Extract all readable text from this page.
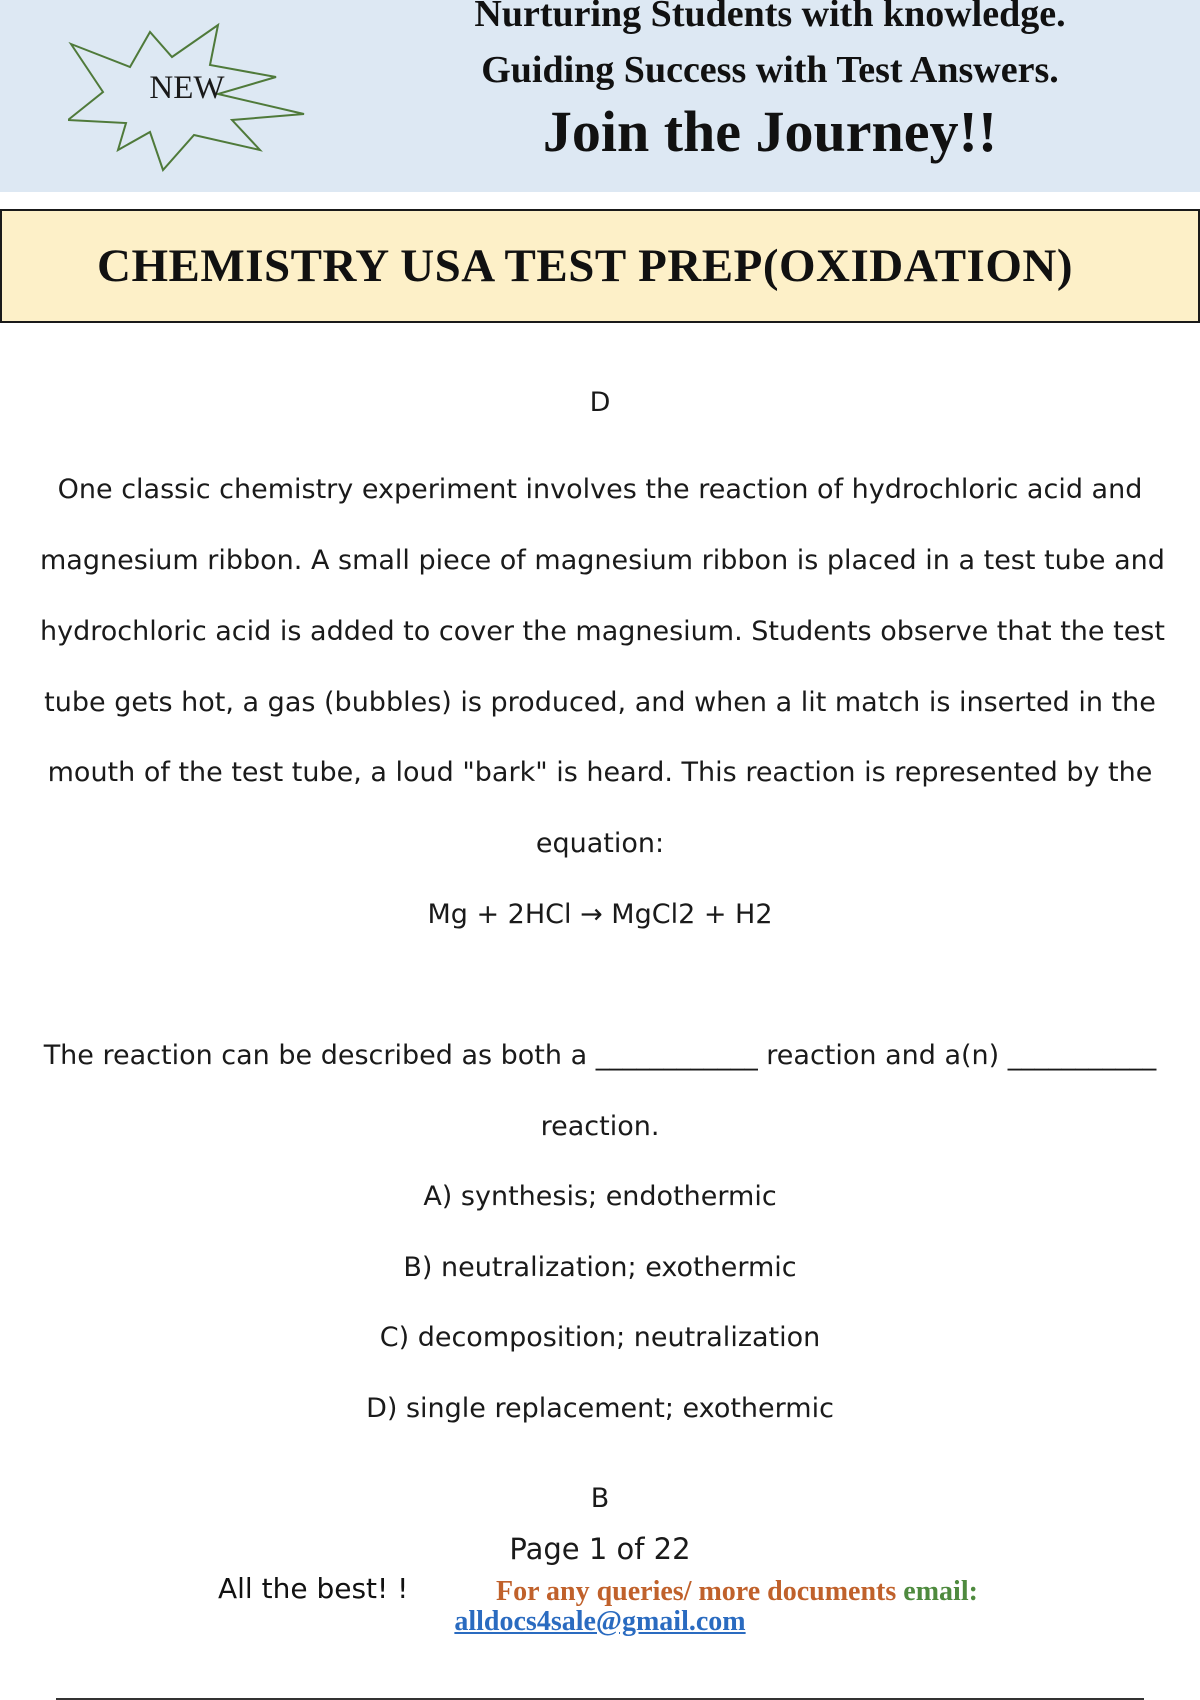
NEW
Nurturing Students with knowledge.
Guiding Success with Test Answers.
Join the Journey!!
CHEMISTRY USA TEST PREP(OXIDATION)
D
One classic chemistry experiment involves the reaction of hydrochloric acid and
magnesium ribbon. A small piece of magnesium ribbon is placed in a test tube and
hydrochloric acid is added to cover the magnesium. Students observe that the test
tube gets hot, a gas (bubbles) is produced, and when a lit match is inserted in the
mouth of the test tube, a loud "bark" is heard. This reaction is represented by the
equation:
Mg + 2HCl → MgCl2 + H2
The reaction can be described as both a ____________ reaction and a(n) ___________
reaction.
A) synthesis; endothermic
B) neutralization; exothermic
C) decomposition; neutralization
D) single replacement; exothermic
B
Page 1 of 22
All the best! !	For any queries/ more documents email:
alldocs4sale@gmail.com
